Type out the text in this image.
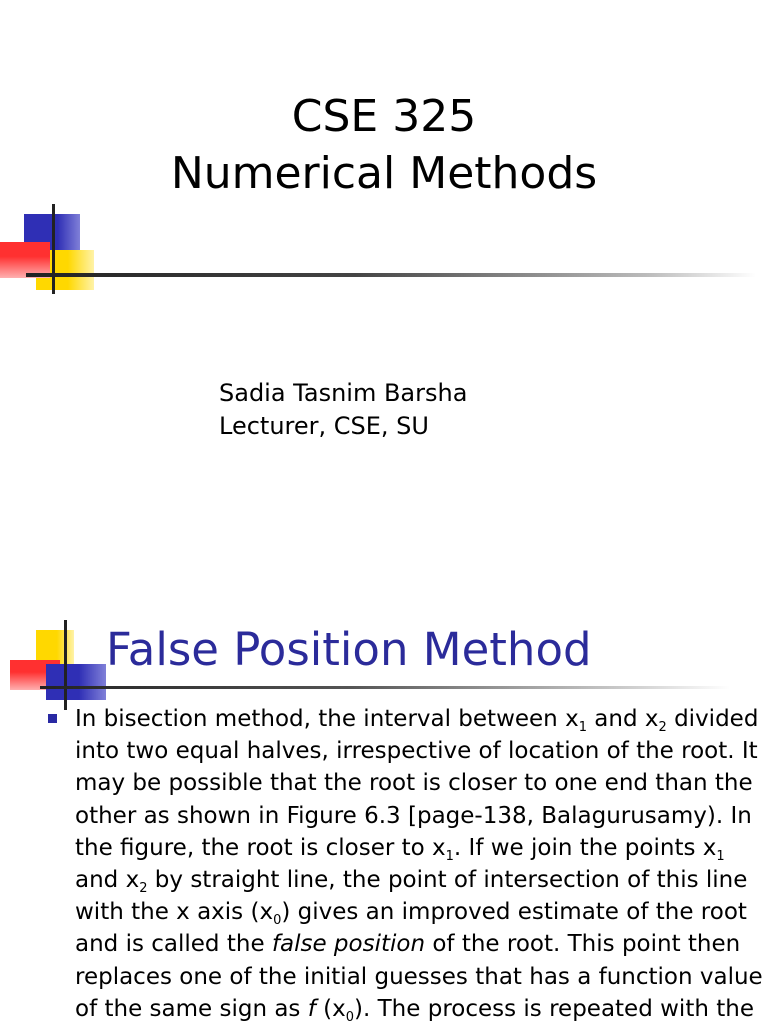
CSE 325
Numerical Methods
Sadia Tasnim Barsha
Lecturer, CSE, SU
False Position Method
In bisection method, the interval between $x_1$ and $x_2$ divided
into two equal halves, irrespective of location of the root. It
may be possible that the root is closer to one end than the
other as shown in Figure 6.3 [page-138, Balagurusamy). In
the figure, the root is closer to $x_1$. If we join the points $x_1$
and $x_2$ by straight line, the point of intersection of this line
with the x axis $(x_0)$ gives an improved estimate of the root
and is called the false position of the root. This point then
replaces one of the initial guesses that has a function value
of the same sign as f $(x_0)$. The process is repeated with the
